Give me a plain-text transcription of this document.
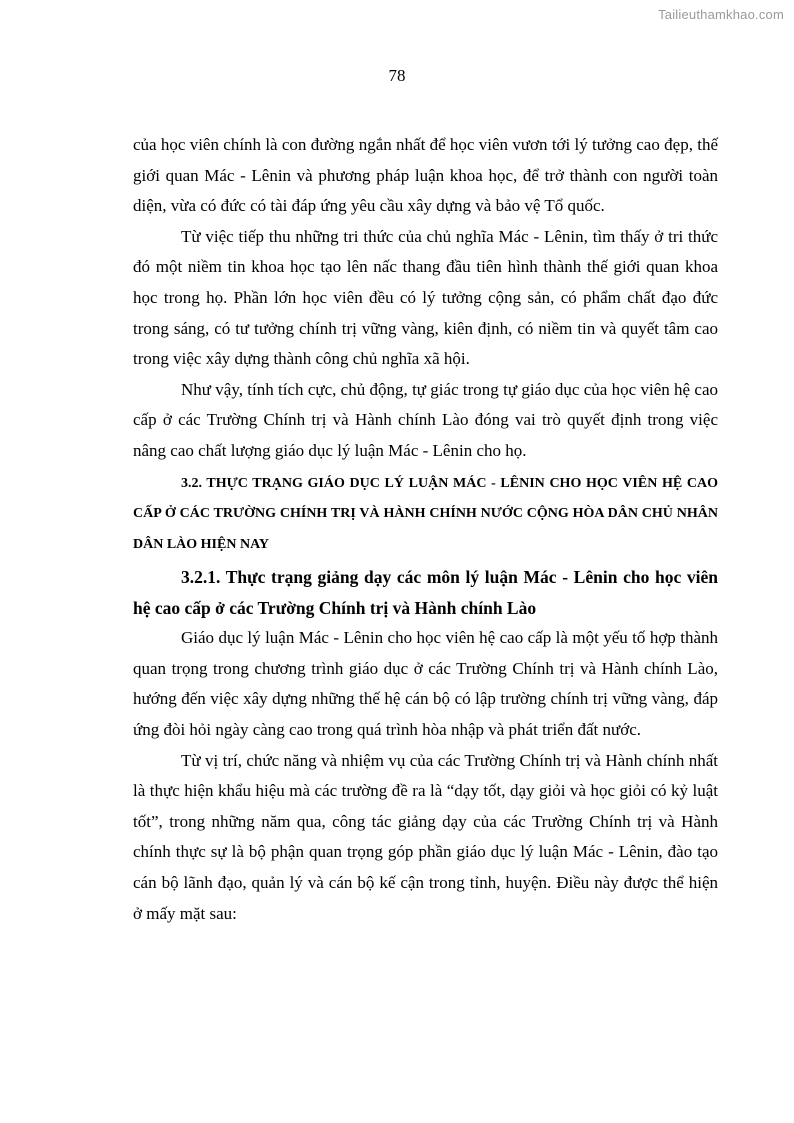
Tailieuthamkhao.com
78

của học viên chính là con đường ngắn nhất để học viên vươn tới lý tưởng cao đẹp, thế giới quan Mác - Lênin và phương pháp luận khoa học, để trở thành con người toàn diện, vừa có đức có tài đáp ứng yêu cầu xây dựng và bảo vệ Tổ quốc.

Từ việc tiếp thu những tri thức của chủ nghĩa Mác - Lênin, tìm thấy ở tri thức đó một niềm tin khoa học tạo lên nấc thang đầu tiên hình thành thế giới quan khoa học trong họ. Phần lớn học viên đều có lý tưởng cộng sản, có phẩm chất đạo đức trong sáng, có tư tưởng chính trị vững vàng, kiên định, có niềm tin và quyết tâm cao trong việc xây dựng thành công chủ nghĩa xã hội.

Như vậy, tính tích cực, chủ động, tự giác trong tự giáo dục của học viên hệ cao cấp ở các Trường Chính trị và Hành chính Lào đóng vai trò quyết định trong việc nâng cao chất lượng giáo dục lý luận Mác - Lênin cho họ.

3.2. THỰC TRẠNG GIÁO DỤC LÝ LUẬN MÁC - LÊNIN CHO HỌC VIÊN HỆ CAO CẤP Ở CÁC TRƯỜNG CHÍNH TRỊ VÀ HÀNH CHÍNH NƯỚC CỘNG HÒA DÂN CHỦ NHÂN DÂN LÀO HIỆN NAY
3.2.1. Thực trạng giảng dạy các môn lý luận Mác - Lênin cho học viên hệ cao cấp ở các Trường Chính trị và Hành chính Lào

Giáo dục lý luận Mác - Lênin cho học viên hệ cao cấp là một yếu tố hợp thành quan trọng trong chương trình giáo dục ở các Trường Chính trị và Hành chính Lào, hướng đến việc xây dựng những thế hệ cán bộ có lập trường chính trị vững vàng, đáp ứng đòi hỏi ngày càng cao trong quá trình hòa nhập và phát triển đất nước.

Từ vị trí, chức năng và nhiệm vụ của các Trường Chính trị và Hành chính nhất là thực hiện khẩu hiệu mà các trường đề ra là “dạy tốt, dạy giỏi và học giỏi có kỷ luật tốt”, trong những năm qua, công tác giảng dạy của các Trường Chính trị và Hành chính thực sự là bộ phận quan trọng góp phần giáo dục lý luận Mác - Lênin, đào tạo cán bộ lãnh đạo, quản lý và cán bộ kế cận trong tỉnh, huyện. Điều này được thể hiện ở mấy mặt sau:
